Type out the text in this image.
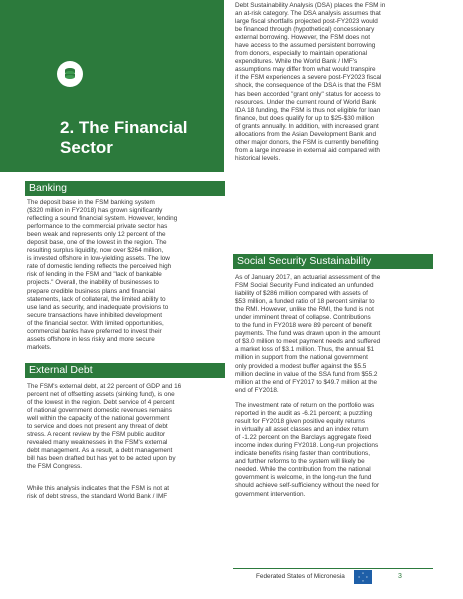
2. The Financial
Sector
Banking
The deposit base in the FSM banking system
($320 million in FY2018) has grown significantly
reflecting a sound financial system. However, lending
performance to the commercial private sector has
been weak and represents only 12 percent of the
deposit base, one of the lowest in the region. The
resulting surplus liquidity, now over $264 million,
is invested offshore in low-yielding assets. The low
rate of domestic lending reflects the perceived high
risk of lending in the FSM and "lack of bankable
projects." Overall, the inability of businesses to
prepare credible business plans and financial
statements, lack of collateral, the limited ability to
use land as security, and inadequate provisions to
secure transactions have inhibited development
of the financial sector. With limited opportunities,
commercial banks have preferred to invest their
assets offshore in less risky and more secure
markets.
External Debt
The FSM's external debt, at 22 percent of GDP and 16
percent net of offsetting assets (sinking fund), is one
of the lowest in the region. Debt service of 4 percent
of national government domestic revenues remains
well within the capacity of the national government
to service and does not present any threat of debt
stress. A recent review by the FSM public auditor
revealed many weaknesses in the FSM's external
debt management. As a result, a debt management
bill has been drafted but has yet to be acted upon by
the FSM Congress.
While this analysis indicates that the FSM is not at
risk of debt stress, the standard World Bank / IMF
Debt Sustainability Analysis (DSA) places the FSM in
an at-risk category. The DSA analysis assumes that
large fiscal shortfalls projected post-FY2023 would
be financed through (hypothetical) concessionary
external borrowing. However, the FSM does not
have access to the assumed persistent borrowing
from donors, especially to maintain operational
expenditures. While the World Bank / IMF's
assumptions may differ from what would transpire
if the FSM experiences a severe post-FY2023 fiscal
shock, the consequence of the DSA is that the FSM
has been accorded "grant only" status for access to
resources. Under the current round of World Bank
IDA 18 funding, the FSM is thus not eligible for loan
finance, but does qualify for up to $25-$30 million
of grants annually. In addition, with increased grant
allocations from the Asian Development Bank and
other major donors, the FSM is currently benefiting
from a large increase in external aid compared with
historical levels.
Social Security Sustainability
As of January 2017, an actuarial assessment of the
FSM Social Security Fund indicated an unfunded
liability of $286 million compared with assets of
$53 million, a funded ratio of 18 percent similar to
the RMI. However, unlike the RMI, the fund is not
under imminent threat of collapse. Contributions
to the fund in FY2018 were 89 percent of benefit
payments. The fund was drawn upon in the amount
of $3.0 million to meet payment needs and suffered
a market loss of $3.1 million. Thus, the annual $1
million in support from the national government
only provided a modest buffer against the $5.5
million decline in value of the SSA fund from $55.2
million at the end of FY2017 to $49.7 million at the
end of FY2018.
The investment rate of return on the portfolio was
reported in the audit as -6.21 percent; a puzzling
result for FY2018 given positive equity returns
in virtually all asset classes and an index return
of -1.22 percent on the Barclays aggregate fixed
income index during FY2018. Long-run projections
indicate benefits rising faster than contributions,
and further reforms to the system will likely be
needed. While the contribution from the national
government is welcome, in the long-run the fund
should achieve self-sufficiency without the need for
government intervention.
Federated States of Micronesia	3
